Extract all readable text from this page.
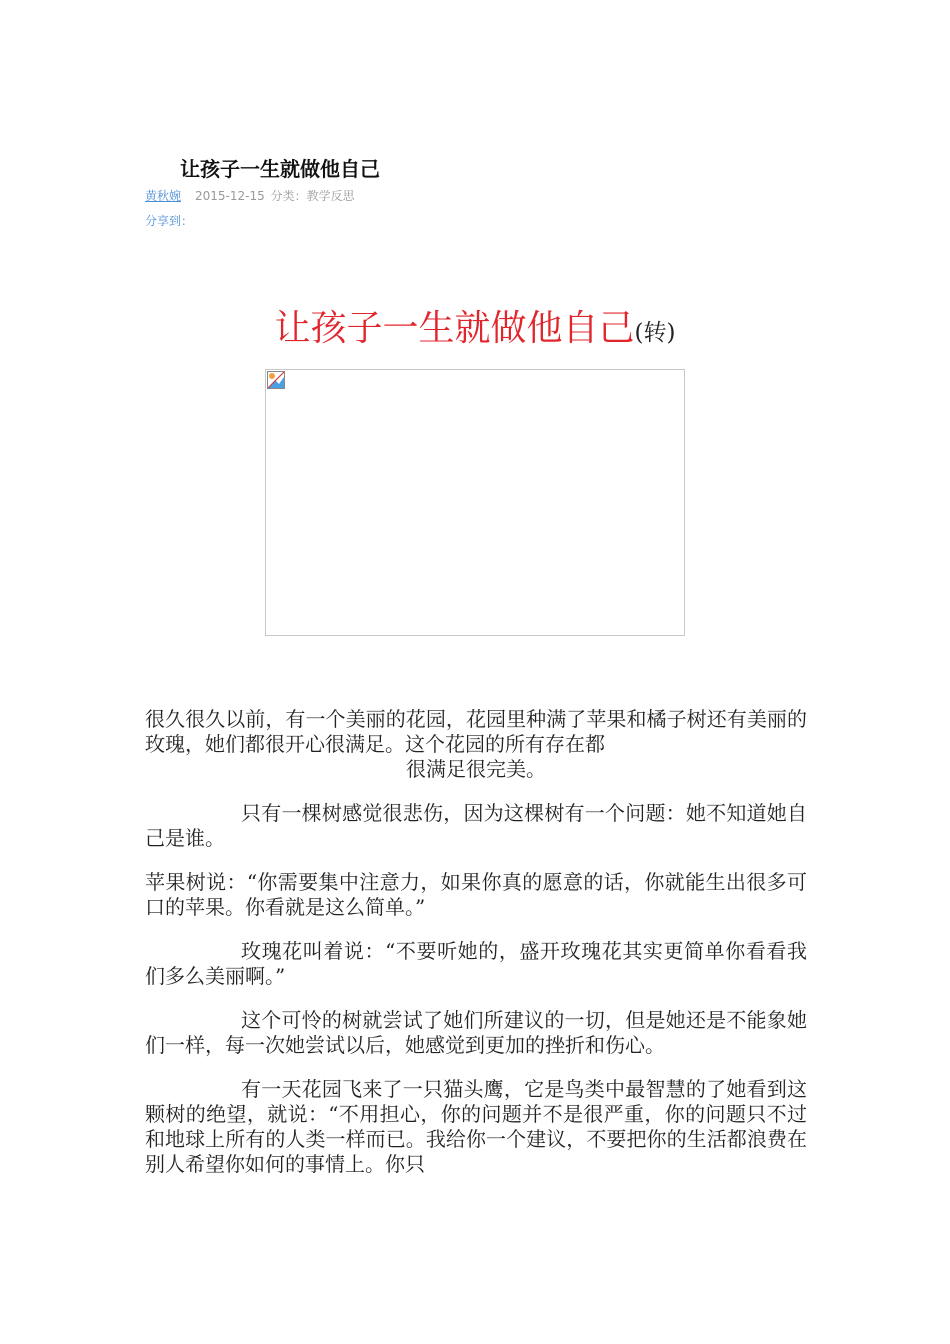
让孩子一生就做他自己
黄秋婉 2015-12-15 分类：教学反思
分享到：
让孩子一生就做他自己(转)

很久很久以前，有一个美丽的花园，花园里种满了苹果和橘子树还有美丽的玫瑰，她们都很开心很满足。这个花园的所有存在都

很满足很完美。

只有一棵树感觉很悲伤，因为这棵树有一个问题：她不知道她自己是谁。

苹果树说：“你需要集中注意力，如果你真的愿意的话，你就能生出很多可口的苹果。你看就是这么简单。”

玫瑰花叫着说：“不要听她的，盛开玫瑰花其实更简单你看看我们多么美丽啊。”

这个可怜的树就尝试了她们所建议的一切，但是她还是不能象她们一样，每一次她尝试以后，她感觉到更加的挫折和伤心。

有一天花园飞来了一只猫头鹰，它是鸟类中最智慧的了她看到这颗树的绝望，就说：“不用担心，你的问题并不是很严重，你的问题只不过和地球上所有的人类一样而已。我给你一个建议，不要把你的生活都浪费在别人希望你如何的事情上。你只
